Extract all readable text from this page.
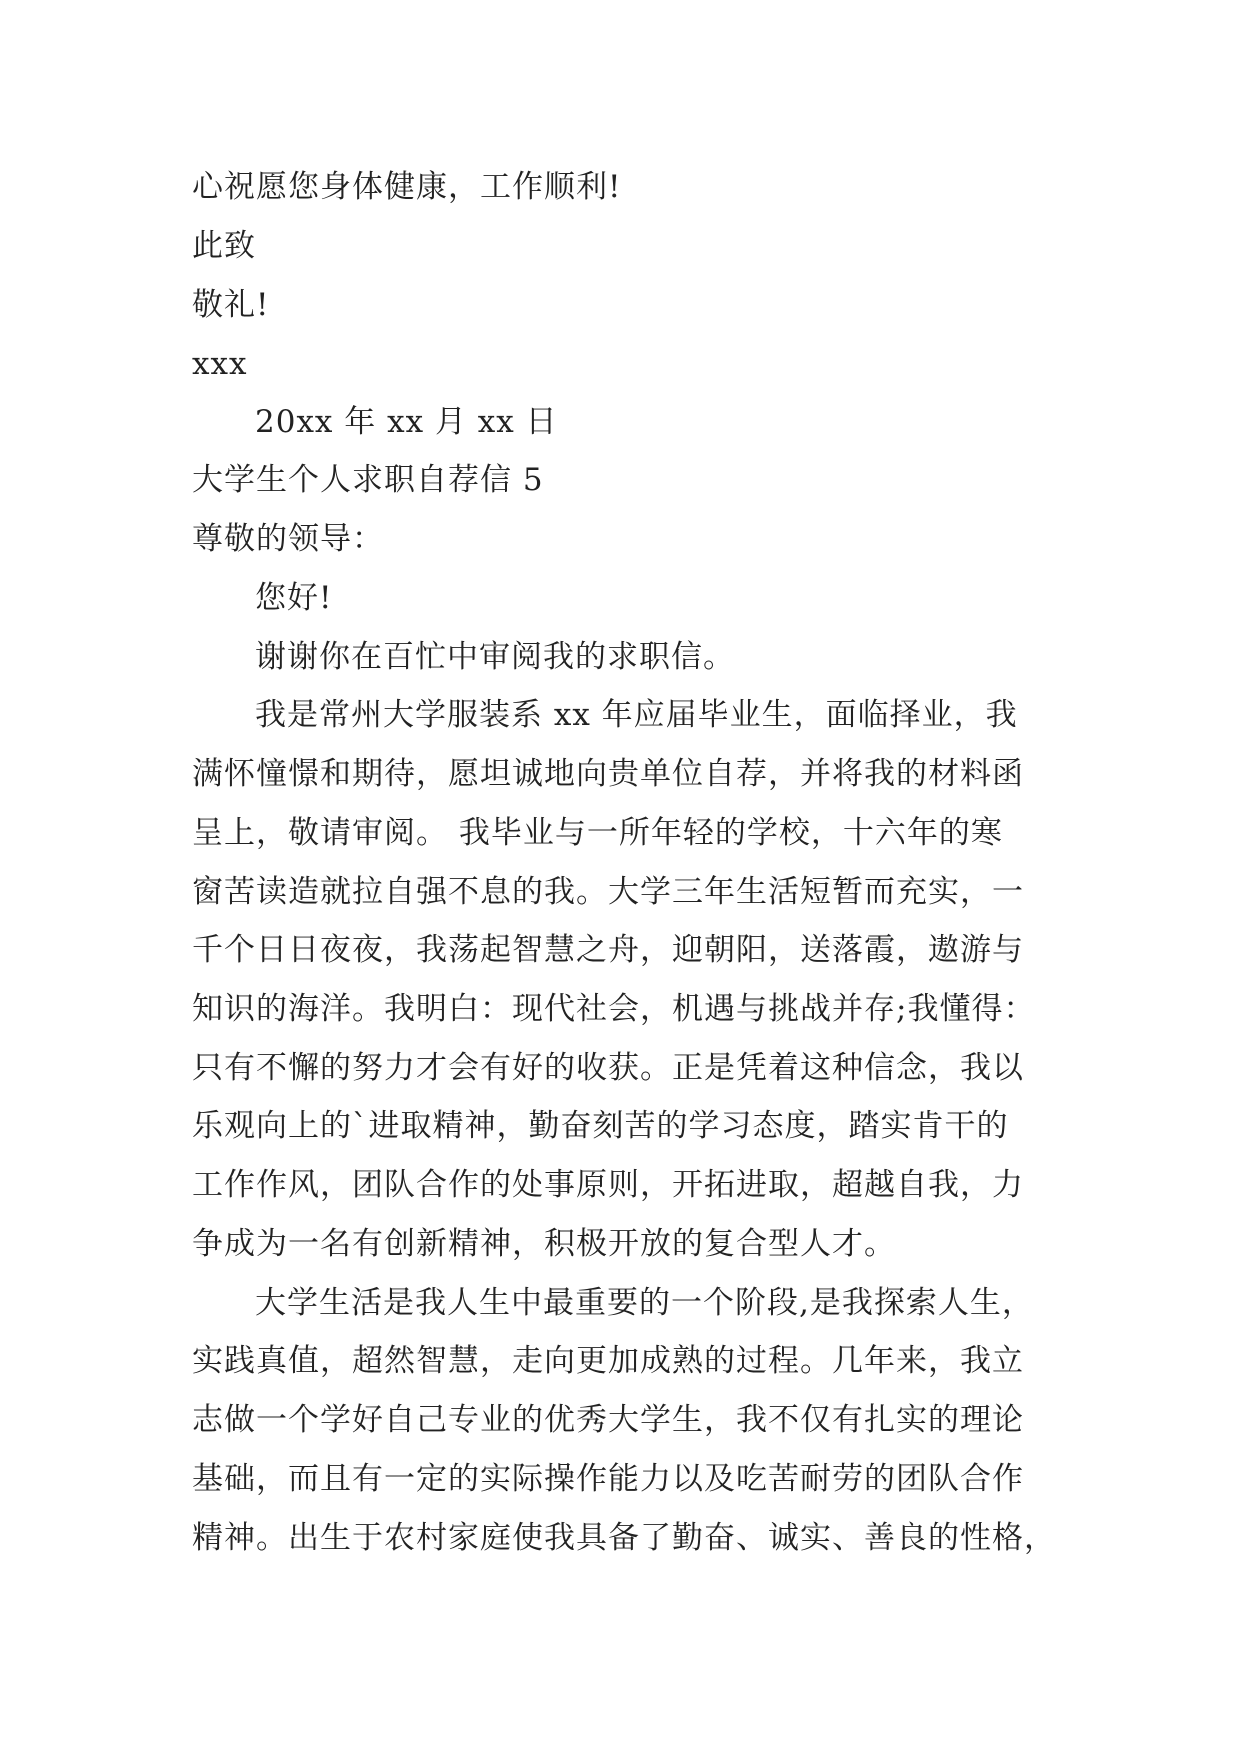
心祝愿您身体健康，工作顺利!
此致
敬礼!
xxx
20xx 年 xx 月 xx 日
大学生个人求职自荐信 5
尊敬的领导：
您好!
谢谢你在百忙中审阅我的求职信。
我是常州大学服装系 xx 年应届毕业生，面临择业，我
满怀憧憬和期待，愿坦诚地向贵单位自荐，并将我的材料函
呈上，敬请审阅。 我毕业与一所年轻的学校，十六年的寒
窗苦读造就拉自强不息的我。大学三年生活短暂而充实，一
千个日日夜夜，我荡起智慧之舟，迎朝阳，送落霞，遨游与
知识的海洋。我明白：现代社会，机遇与挑战并存;我懂得：
只有不懈的努力才会有好的收获。正是凭着这种信念，我以
乐观向上的`进取精神，勤奋刻苦的学习态度，踏实肯干的
工作作风，团队合作的处事原则，开拓进取，超越自我，力
争成为一名有创新精神，积极开放的复合型人才。
大学生活是我人生中最重要的一个阶段,是我探索人生，
实践真值，超然智慧，走向更加成熟的过程。几年来，我立
志做一个学好自己专业的优秀大学生，我不仅有扎实的理论
基础，而且有一定的实际操作能力以及吃苦耐劳的团队合作
精神。出生于农村家庭使我具备了勤奋、诚实、善良的性格，
